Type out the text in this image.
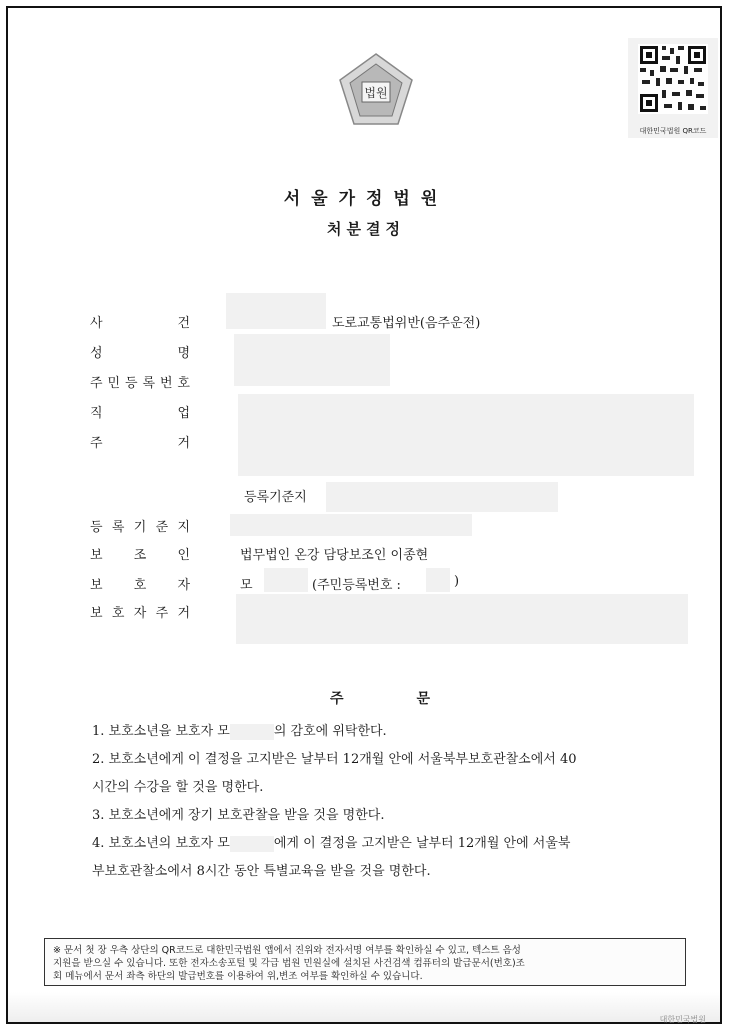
법원
대한민국법원 QR코드
서울가정법원
처분결정
사	건	도로교통법위반(음주운전)
성	명
주 민 등 록 번 호
직	업
주	거
등록기준지
등 록 기 준 지
보 조 인	법무법인 온강 담당보조인 이종현
보 호 자	모	(주민등록번호 :	)
보 호 자 주 거
주	문
1. 보호소년을 보호자 모	의 감호에 위탁한다.
2. 보호소년에게 이 결정을 고지받은 날부터 12개월 안에 서울북부보호관찰소에서 40
시간의 수강을 할 것을 명한다.
3. 보호소년에게 장기 보호관찰을 받을 것을 명한다.
4. 보호소년의 보호자 모	에게 이 결정을 고지받은 날부터 12개월 안에 서울북
부보호관찰소에서 8시간 동안 특별교육을 받을 것을 명한다.
※ 문서 첫 장 우측 상단의 QR코드로 대한민국법원 앱에서 진위와 전자서명 여부를 확인하실 수 있고, 텍스트 음성
지원을 받으실 수 있습니다. 또한 전자소송포털 및 각급 법원 민원실에 설치된 사건검색 컴퓨터의 발급문서(번호)조
회 메뉴에서 문서 좌측 하단의 발급번호를 이용하여 위,변조 여부를 확인하실 수 있습니다.
대한민국법원
